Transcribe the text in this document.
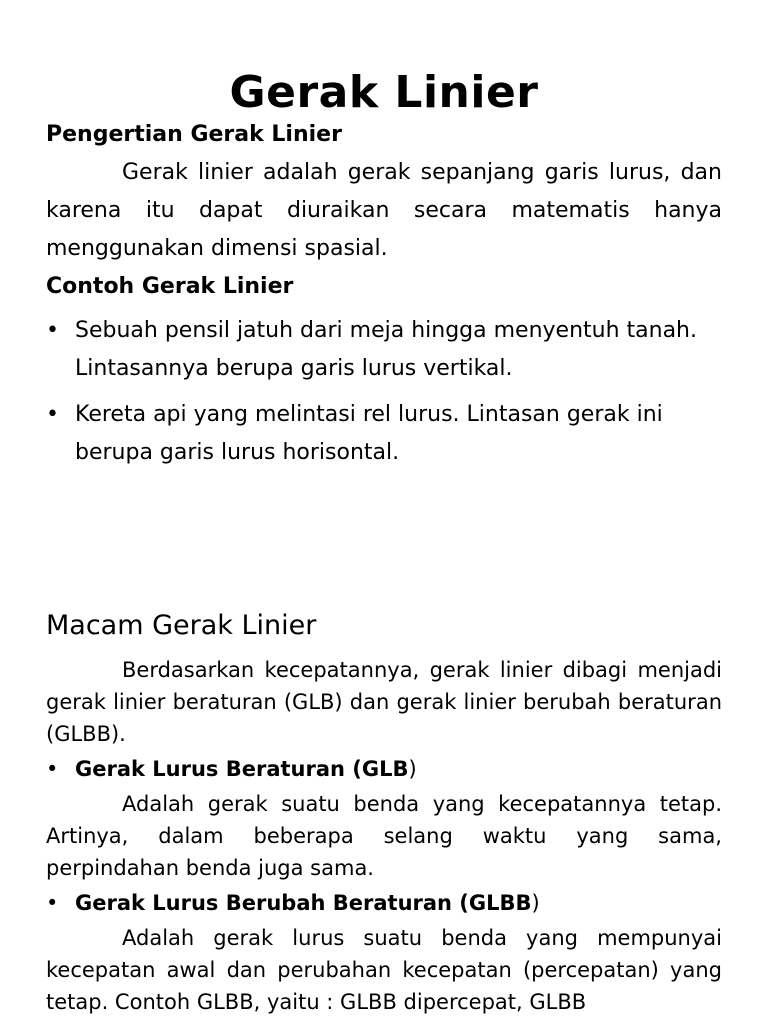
Gerak Linier

Pengertian Gerak Linier

Gerak linier adalah gerak sepanjang garis lurus, dan karena itu dapat diuraikan secara matematis hanya menggunakan dimensi spasial.

Contoh Gerak Linier

• Sebuah pensil jatuh dari meja hingga menyentuh tanah. Lintasannya berupa garis lurus vertikal.
• Kereta api yang melintasi rel lurus. Lintasan gerak ini berupa garis lurus horisontal.

Macam Gerak Linier

Berdasarkan kecepatannya, gerak linier dibagi menjadi gerak linier beraturan (GLB) dan gerak linier berubah beraturan (GLBB).

• Gerak Lurus Beraturan (GLB)

Adalah gerak suatu benda yang kecepatannya tetap. Artinya, dalam beberapa selang waktu yang sama, perpindahan benda juga sama.

• Gerak Lurus Berubah Beraturan (GLBB)

Adalah gerak lurus suatu benda yang mempunyai kecepatan awal dan perubahan kecepatan (percepatan) yang tetap. Contoh GLBB, yaitu : GLBB dipercepat, GLBB
